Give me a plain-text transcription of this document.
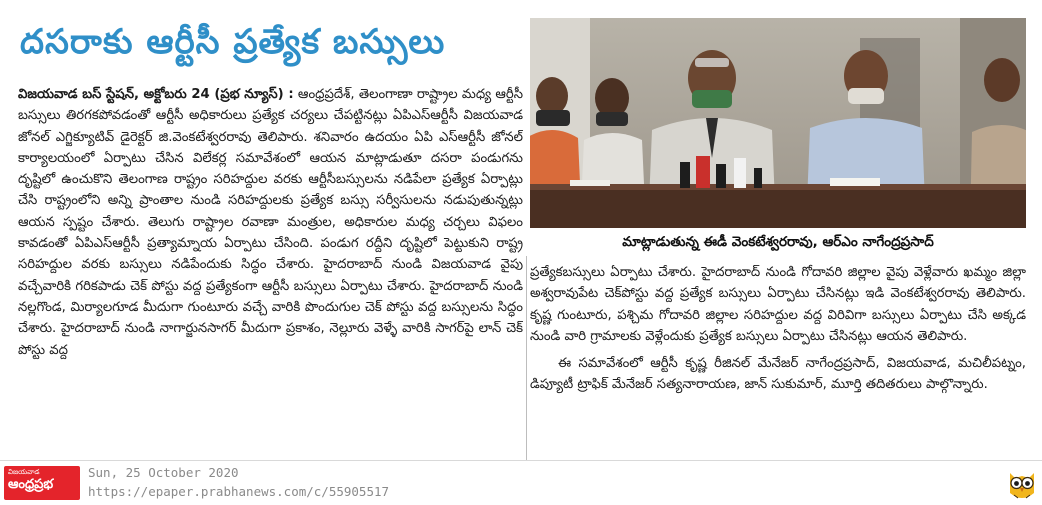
దసరాకు ఆర్టీసీ ప్రత్యేక బస్సులు

విజయవాడ బస్ స్టేషన్, అక్టోబరు 24 (ప్రభ న్యూస్) : ఆంధ్రప్రదేశ్, తెలంగాణా రాష్ట్రాల మధ్య ఆర్టీసీ బస్సులు తిరగకపోవడంతో ఆర్టీసీ అధికారులు ప్రత్యేక చర్యలు చేపట్టినట్లు ఏపిఎస్ఆర్టీసీ విజయవాడ జోనల్ ఎగ్జిక్యూటివ్ డైరెక్టర్ జి.వెంకటేశ్వరరావు తెలిపారు. శనివారం ఉదయం ఏపి ఎస్ఆర్టీసీ జోనల్ కార్యాలయంలో ఏర్పాటు చేసిన విలేకర్ల సమావేశంలో ఆయన మాట్లాడుతూ దసరా పండుగను దృష్టిలో ఉంచుకొని తెలంగాణ రాష్ట్రం సరిహద్దుల వరకు ఆర్టీసీబస్సులను నడిపేలా ప్రత్యేక ఏర్పాట్లు చేసి రాష్ట్రంలోని అన్ని ప్రాంతాల నుండి సరిహద్దులకు ప్రత్యేక బస్సు సర్వీసులను నడుపుతున్నట్లు ఆయన స్పష్టం చేశారు. తెలుగు రాష్ట్రాల రవాణా మంత్రుల, అధికారుల మధ్య చర్చలు విఫలం కావడంతో ఏపిఎస్ఆర్టీసీ ప్రత్యామ్నాయ ఏర్పాటు చేసింది. పండుగ రద్దీని దృష్టిలో పెట్టుకుని రాష్ట్ర సరిహద్దుల వరకు బస్సులు నడిపేందుకు సిద్ధం చేశారు. హైదరాబాద్ నుండి విజయవాడ వైపు వచ్చేవారికి గరికపాడు చెక్ పోస్టు వద్ద ప్రత్యేకంగా ఆర్టీసీ బస్సులు ఏర్పాటు చేశారు. హైదరాబాద్ నుండి నల్లగొండ, మిర్యాలగూడ మీదుగా గుంటూరు వచ్చే వారికి పొందుగుల చెక్ పోస్టు వద్ద బస్సులను సిద్ధం చేశారు. హైదరాబాద్ నుండి నాగార్జునసాగర్ మీదుగా ప్రకాశం, నెల్లూరు వెళ్ళే వారికి సాగర్‌పై లాన్ చెక్ పోస్టు వద్ద

మాట్లాడుతున్న ఈడీ వెంకటేశ్వరరావు, ఆర్‌ఎం నాగేంద్రప్రసాద్

ప్రత్యేకబస్సులు ఏర్పాటు చేశారు. హైదరాబాద్ నుండి గోదావరి జిల్లాల వైపు వెళ్లేవారు ఖమ్మం జిల్లా అశ్వరావుపేట చెక్‌పోస్టు వద్ద ప్రత్యేక బస్సులు ఏర్పాటు చేసినట్లు ఇడి వెంకటేశ్వరరావు తెలిపారు. కృష్ణ గుంటూరు, పశ్చిమ గోదావరి జిల్లాల సరిహద్దుల వద్ద విరివిగా బస్సులు ఏర్పాటు చేసి అక్కడ నుండి వారి గ్రామాలకు వెళ్లేందుకు ప్రత్యేక బస్సులు ఏర్పాటు చేసినట్లు ఆయన తెలిపారు.
ఈ సమావేశంలో ఆర్టీసీ కృష్ణ రీజినల్ మేనేజర్ నాగేంద్రప్రసాద్, విజయవాడ, మచిలీపట్నం, డిప్యూటీ ట్రాఫిక్ మేనేజర్ సత్యనారాయణ, జాన్ సుకుమార్, మూర్తి తదితరులు పాల్గొన్నారు.

విజయవాడ
ఆంధ్రప్రభ
Sun, 25 October 2020
https://epaper.prabhanews.com/c/55905517
